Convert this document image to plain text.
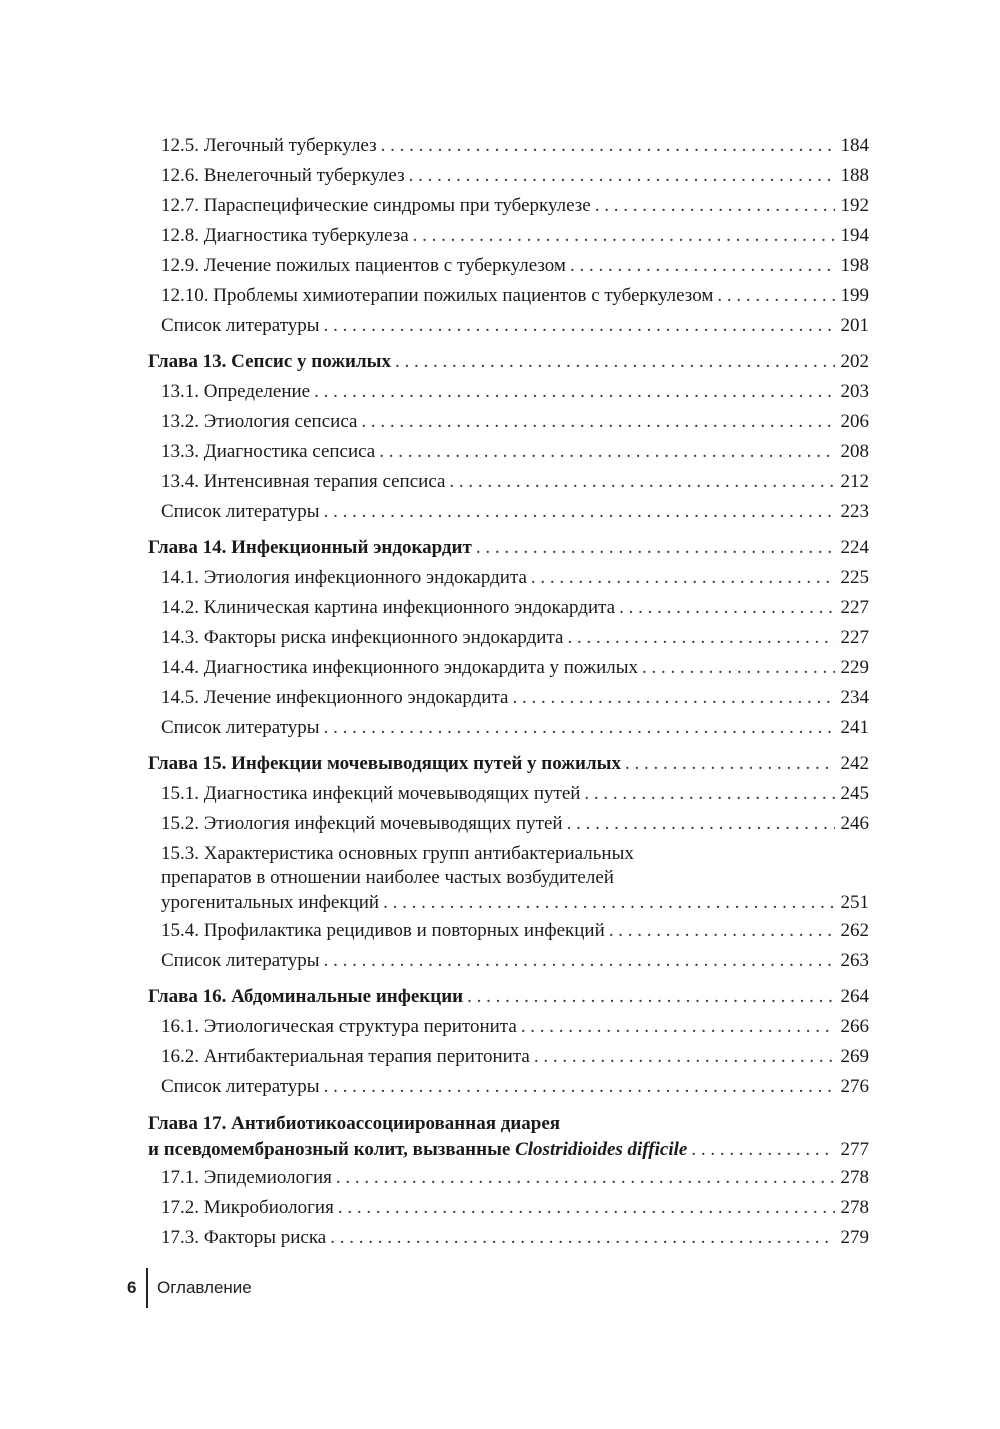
12.5. Легочный туберкулез . . .	184
12.6. Внелегочный туберкулез . . .	188
12.7. Параспецифические синдромы при туберкулезе . . .	192
12.8. Диагностика туберкулеза . . .	194
12.9. Лечение пожилых пациентов с туберкулезом . . .	198
12.10. Проблемы химиотерапии пожилых пациентов с туберкулезом . . .	199
Список литературы . . .	201
Глава 13. Сепсис у пожилых . . .	202
13.1. Определение . . .	203
13.2. Этиология сепсиса . . .	206
13.3. Диагностика сепсиса . . .	208
13.4. Интенсивная терапия сепсиса . . .	212
Список литературы . . .	223
Глава 14. Инфекционный эндокардит . . .	224
14.1. Этиология инфекционного эндокардита . . .	225
14.2. Клиническая картина инфекционного эндокардита . . .	227
14.3. Факторы риска инфекционного эндокардита . . .	227
14.4. Диагностика инфекционного эндокардита у пожилых . . .	229
14.5. Лечение инфекционного эндокардита . . .	234
Список литературы . . .	241
Глава 15. Инфекции мочевыводящих путей у пожилых . . .	242
15.1. Диагностика инфекций мочевыводящих путей . . .	245
15.2. Этиология инфекций мочевыводящих путей . . .	246
15.3. Характеристика основных групп антибактериальных
препаратов в отношении наиболее частых возбудителей
урогенитальных инфекций . . .	251
15.4. Профилактика рецидивов и повторных инфекций . . .	262
Список литературы . . .	263
Глава 16. Абдоминальные инфекции . . .	264
16.1. Этиологическая структура перитонита . . .	266
16.2. Антибактериальная терапия перитонита . . .	269
Список литературы . . .	276
Глава 17. Антибиотикоассоциированная диарея
и псевдомембранозный колит, вызванные Clostridioides difficile . . .	277
17.1. Эпидемиология . . .	278
17.2. Микробиология . . .	278
17.3. Факторы риска . . .	279
6	Оглавление
